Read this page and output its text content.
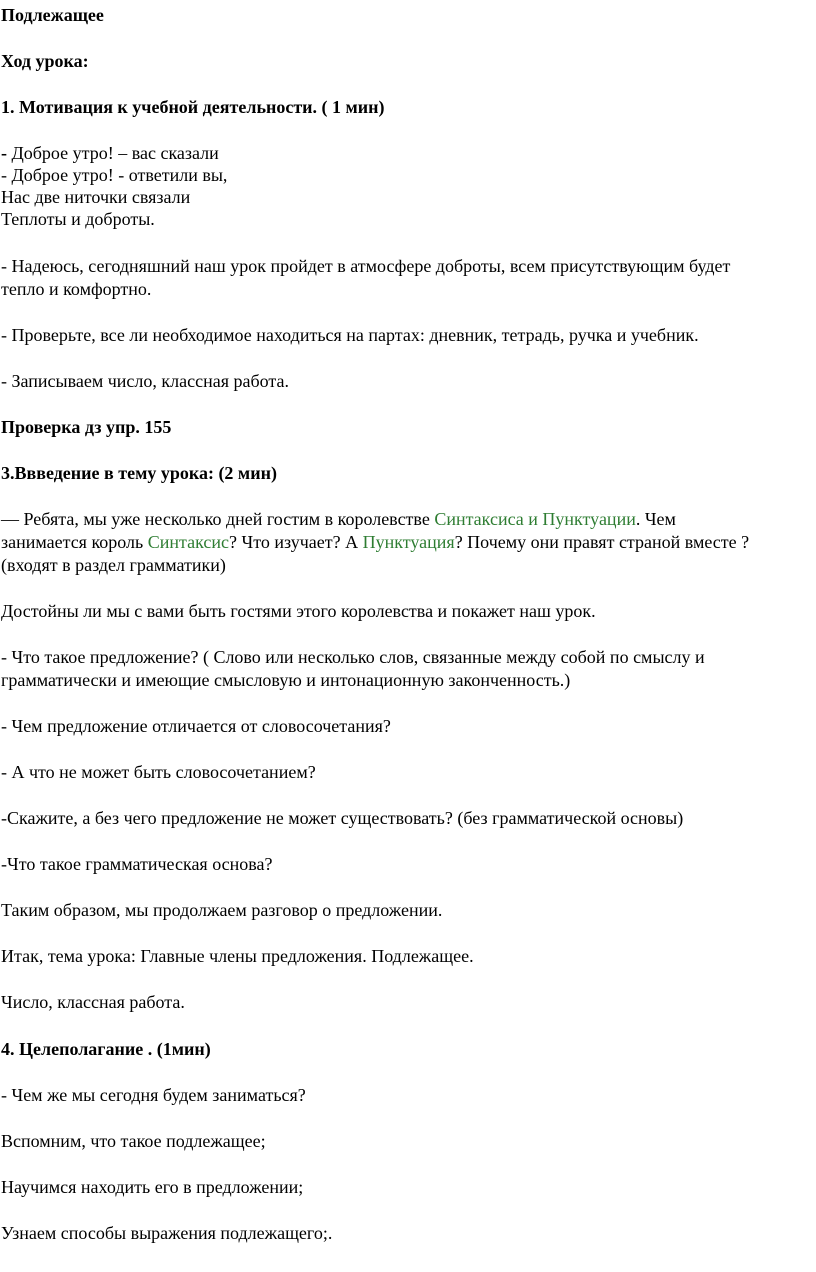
Подлежащее
Ход урока:
1. Мотивация к учебной деятельности. ( 1 мин)
- Доброе утро! – вас сказали
- Доброе утро! - ответили вы,
Нас две ниточки связали
Теплоты и доброты.
- Надеюсь, сегодняшний наш урок пройдет в атмосфере доброты, всем присутствующим будет
тепло и комфортно.
- Проверьте, все ли необходимое находиться на партах: дневник, тетрадь, ручка и учебник.
- Записываем число, классная работа.
Проверка дз упр. 155
3.Ввведение в тему урока: (2 мин)
— Ребята, мы уже несколько дней гостим в королевстве Синтаксиса и Пунктуации. Чем
занимается король Синтаксис? Что изучает? А Пунктуация? Почему они правят страной вместе ?
(входят в раздел грамматики)
Достойны ли мы с вами быть гостями этого королевства и покажет наш урок.
- Что такое предложение? ( Слово или несколько слов, связанные между собой по смыслу и
грамматически и имеющие смысловую и интонационную законченность.)
- Чем предложение отличается от словосочетания?
- А что не может быть словосочетанием?
-Скажите, а без чего предложение не может существовать? (без грамматической основы)
-Что такое грамматическая основа?
Таким образом, мы продолжаем разговор о предложении.
Итак, тема урока: Главные члены предложения. Подлежащее.
Число, классная работа.
4. Целеполагание . (1мин)
- Чем же мы сегодня будем заниматься?
Вспомним, что такое подлежащее;
Научимся находить его в предложении;
Узнаем способы выражения подлежащего;.
